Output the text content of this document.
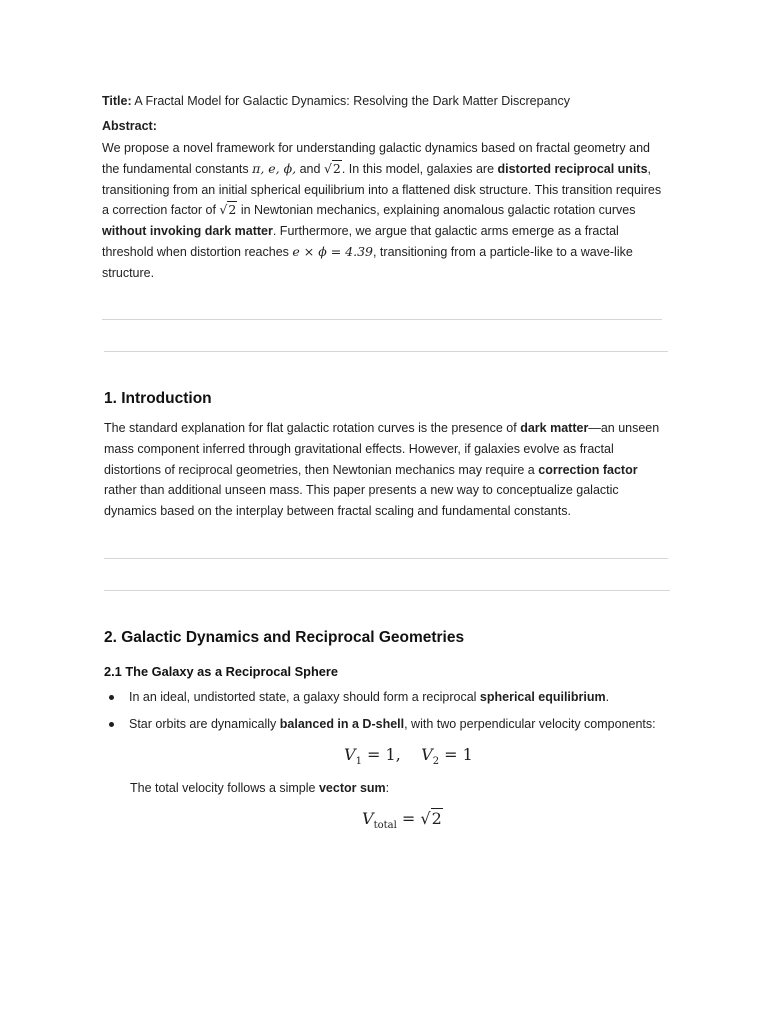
Title: A Fractal Model for Galactic Dynamics: Resolving the Dark Matter Discrepancy
Abstract:
We propose a novel framework for understanding galactic dynamics based on fractal geometry and the fundamental constants π, e, ϕ, and √2. In this model, galaxies are distorted reciprocal units, transitioning from an initial spherical equilibrium into a flattened disk structure. This transition requires a correction factor of √2 in Newtonian mechanics, explaining anomalous galactic rotation curves without invoking dark matter. Furthermore, we argue that galactic arms emerge as a fractal threshold when distortion reaches e × ϕ = 4.39, transitioning from a particle-like to a wave-like structure.
1. Introduction
The standard explanation for flat galactic rotation curves is the presence of dark matter—an unseen mass component inferred through gravitational effects. However, if galaxies evolve as fractal distortions of reciprocal geometries, then Newtonian mechanics may require a correction factor rather than additional unseen mass. This paper presents a new way to conceptualize galactic dynamics based on the interplay between fractal scaling and fundamental constants.
2. Galactic Dynamics and Reciprocal Geometries
2.1 The Galaxy as a Reciprocal Sphere
In an ideal, undistorted state, a galaxy should form a reciprocal spherical equilibrium.
Star orbits are dynamically balanced in a D-shell, with two perpendicular velocity components:
$V_1 = 1$,    $V_2 = 1$
The total velocity follows a simple vector sum:
$V_{total} = √2$
